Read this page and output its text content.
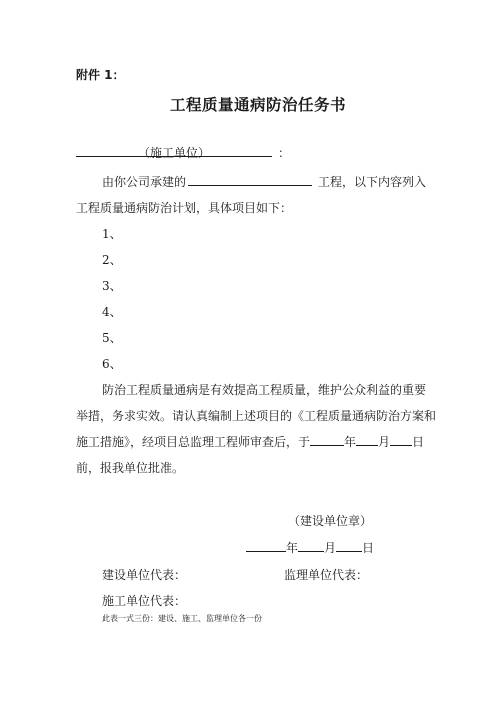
附件 1：
工程质量通病防治任务书
（施工单位）	：
由你公司承建的	工程，以下内容列入
工程质量通病防治计划，具体项目如下：
1、
2、
3、
4、
5、
6、
防治工程质量通病是有效提高工程质量，维护公众利益的重要
举措，务求实效。请认真编制上述项目的《工程质量通病防治方案和
施工措施》，经项目总监理工程师审查后，于	年 月 日
前，报我单位批准。
（建设单位章）
年 月 日
建设单位代表：	监理单位代表：
施工单位代表：
此表一式三份：建设、施工、监理单位各一份
